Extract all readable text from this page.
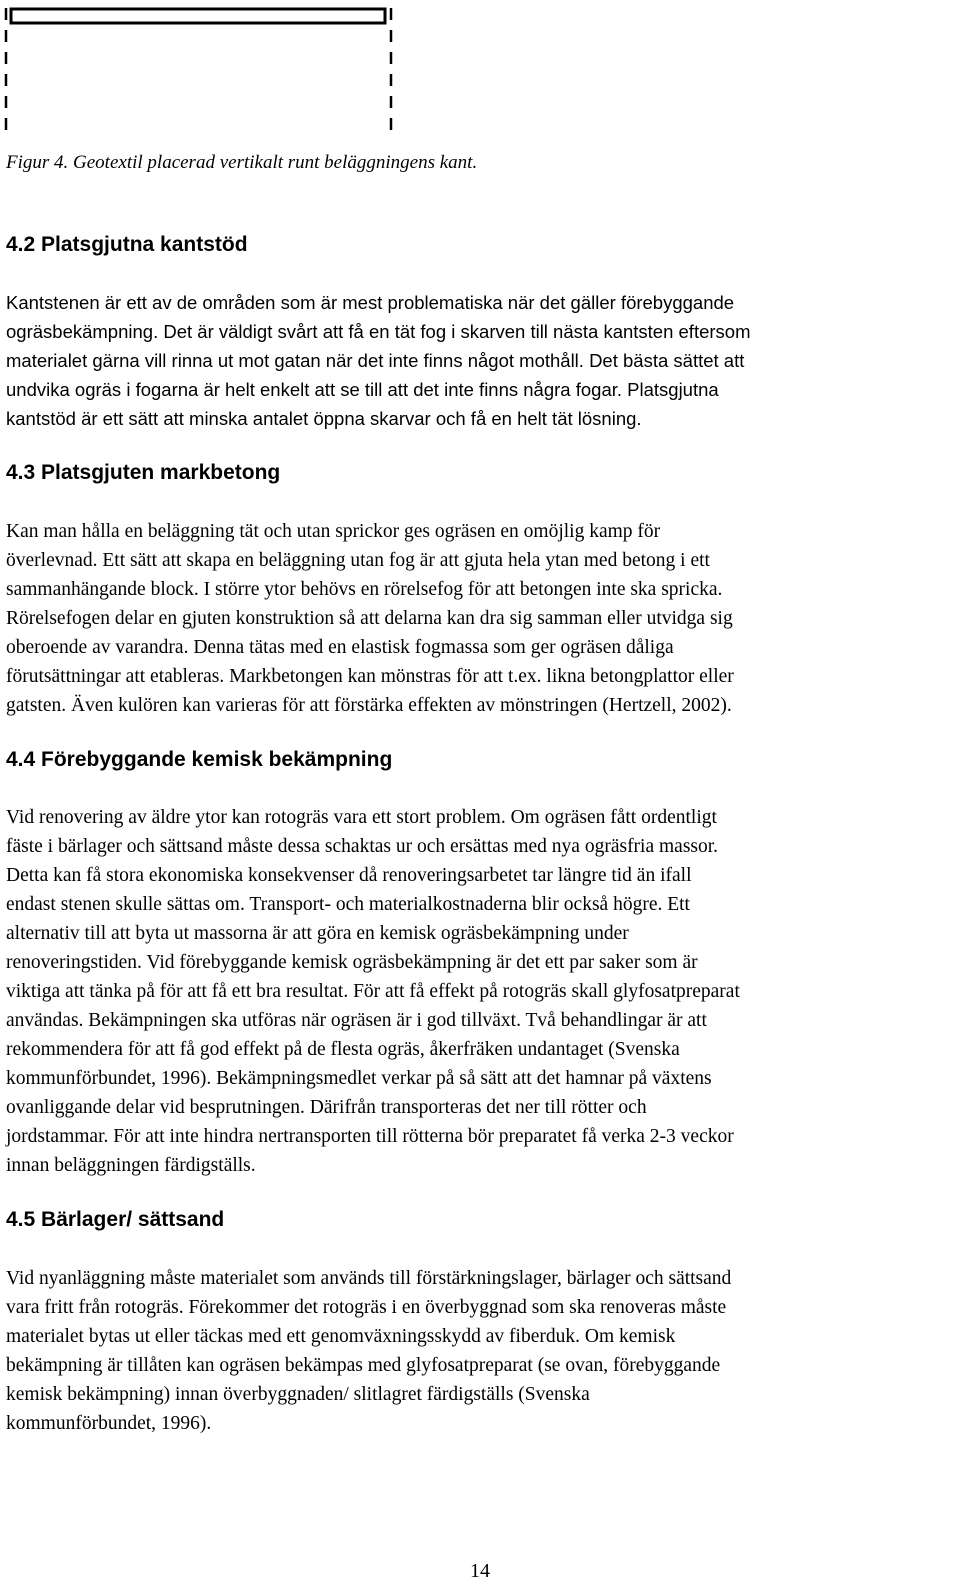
Figur 4. Geotextil placerad vertikalt runt beläggningens kant.
4.2 Platsgjutna kantstöd
Kantstenen är ett av de områden som är mest problematiska när det gäller förebyggande
ogräsbekämpning. Det är väldigt svårt att få en tät fog i skarven till nästa kantsten eftersom
materialet gärna vill rinna ut mot gatan när det inte finns något mothåll. Det bästa sättet att
undvika ogräs i fogarna är helt enkelt att se till att det inte finns några fogar. Platsgjutna
kantstöd är ett sätt att minska antalet öppna skarvar och få en helt tät lösning.
4.3 Platsgjuten markbetong
Kan man hålla en beläggning tät och utan sprickor ges ogräsen en omöjlig kamp för
överlevnad. Ett sätt att skapa en beläggning utan fog är att gjuta hela ytan med betong i ett
sammanhängande block. I större ytor behövs en rörelsefog för att betongen inte ska spricka.
Rörelsefogen delar en gjuten konstruktion så att delarna kan dra sig samman eller utvidga sig
oberoende av varandra. Denna tätas med en elastisk fogmassa som ger ogräsen dåliga
förutsättningar att etableras. Markbetongen kan mönstras för att t.ex. likna betongplattor eller
gatsten. Även kulören kan varieras för att förstärka effekten av mönstringen (Hertzell, 2002).
4.4 Förebyggande kemisk bekämpning
Vid renovering av äldre ytor kan rotogräs vara ett stort problem. Om ogräsen fått ordentligt
fäste i bärlager och sättsand måste dessa schaktas ur och ersättas med nya ogräsfria massor.
Detta kan få stora ekonomiska konsekvenser då renoveringsarbetet tar längre tid än ifall
endast stenen skulle sättas om. Transport- och materialkostnaderna blir också högre. Ett
alternativ till att byta ut massorna är att göra en kemisk ogräsbekämpning under
renoveringstiden. Vid förebyggande kemisk ogräsbekämpning är det ett par saker som är
viktiga att tänka på för att få ett bra resultat. För att få effekt på rotogräs skall glyfosatpreparat
användas. Bekämpningen ska utföras när ogräsen är i god tillväxt. Två behandlingar är att
rekommendera för att få god effekt på de flesta ogräs, åkerfräken undantaget (Svenska
kommunförbundet, 1996). Bekämpningsmedlet verkar på så sätt att det hamnar på växtens
ovanliggande delar vid besprutningen. Därifrån transporteras det ner till rötter och
jordstammar. För att inte hindra nertransporten till rötterna bör preparatet få verka 2-3 veckor
innan beläggningen färdigställs.
4.5 Bärlager/ sättsand
Vid nyanläggning måste materialet som används till förstärkningslager, bärlager och sättsand
vara fritt från rotogräs. Förekommer det rotogräs i en överbyggnad som ska renoveras måste
materialet bytas ut eller täckas med ett genomväxningsskydd av fiberduk. Om kemisk
bekämpning är tillåten kan ogräsen bekämpas med glyfosatpreparat (se ovan, förebyggande
kemisk bekämpning) innan överbyggnaden/ slitlagret färdigställs (Svenska
kommunförbundet, 1996).
14
